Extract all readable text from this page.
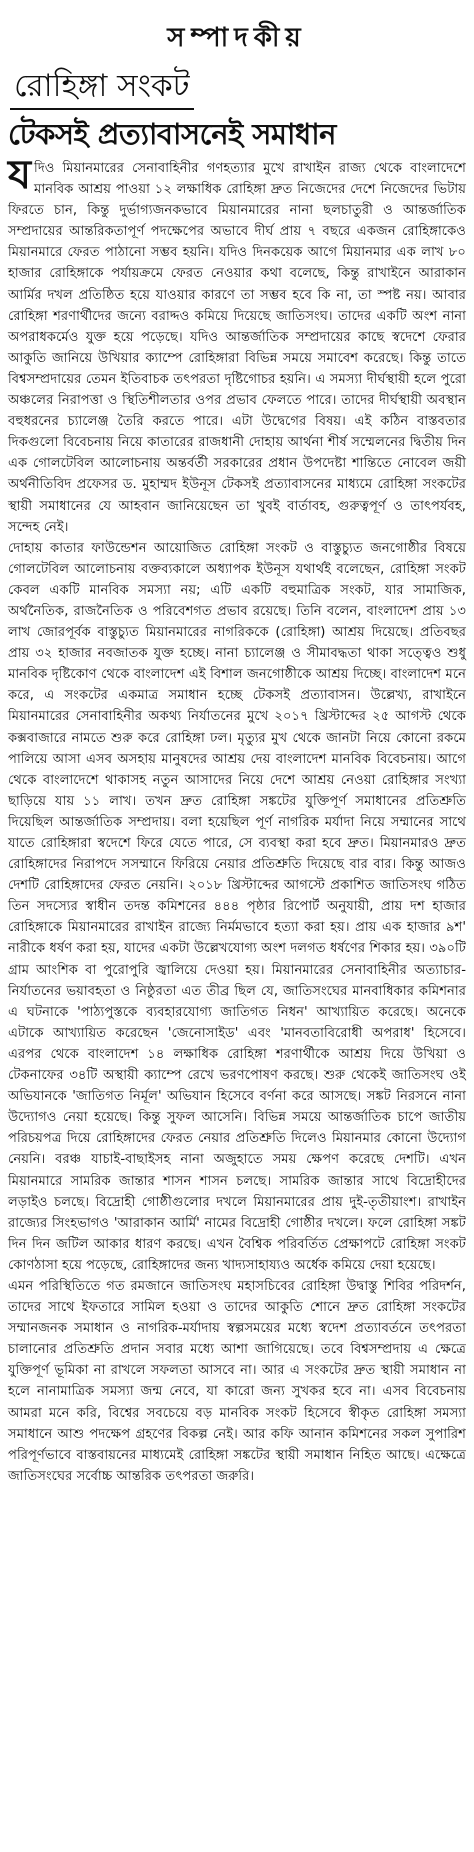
সম্পাদকীয়
রোহিঙ্গা সংকট
টেকসই প্রত্যাবাসনেই সমাধান

যদিও মিয়ানমারের সেনাবাহিনীর গণহত্যার মুখে রাখাইন রাজ্য থেকে বাংলাদেশে মানবিক আশ্রয় পাওয়া ১২ লক্ষাধিক রোহিঙ্গা দ্রুত নিজেদের দেশে নিজেদের ভিটায় ফিরতে চান, কিন্তু দুর্ভাগ্যজনকভাবে মিয়ানমারের নানা ছলচাতুরী ও আন্তর্জাতিক সম্প্রদায়ের আন্তরিকতাপূর্ণ পদক্ষেপের অভাবে দীর্ঘ প্রায় ৭ বছরে একজন রোহিঙ্গাকেও মিয়ানমারে ফেরত পাঠানো সম্ভব হয়নি। যদিও দিনকয়েক আগে মিয়ানমার এক লাখ ৮০ হাজার রোহিঙ্গাকে পর্যায়ক্রমে ফেরত নেওয়ার কথা বলেছে, কিন্তু রাখাইনে আরাকান আর্মির দখল প্রতিষ্ঠিত হয়ে যাওয়ার কারণে তা সম্ভব হবে কি না, তা স্পষ্ট নয়। আবার রোহিঙ্গা শরণার্থীদের জন্যে বরাদ্দও কমিয়ে দিয়েছে জাতিসংঘ। তাদের একটি অংশ নানা অপরাধকর্মেও যুক্ত হয়ে পড়েছে। যদিও আন্তর্জাতিক সম্প্রদায়ের কাছে স্বদেশে ফেরার আকুতি জানিয়ে উখিয়ার ক্যাম্পে রোহিঙ্গারা বিভিন্ন সময়ে সমাবেশ করেছে। কিন্তু তাতে বিশ্বসম্প্রদায়ের তেমন ইতিবাচক তৎপরতা দৃষ্টিগোচর হয়নি। এ সমস্যা দীর্ঘস্থায়ী হলে পুরো অঞ্চলের নিরাপত্তা ও স্থিতিশীলতার ওপর প্রভাব ফেলতে পারে। তাদের দীর্ঘস্থায়ী অবস্থান বহুধরনের চ্যালেঞ্জ তৈরি করতে পারে। এটা উদ্বেগের বিষয়। এই কঠিন বাস্তবতার দিকগুলো বিবেচনায় নিয়ে কাতারের রাজধানী দোহায় আর্থনা শীর্ষ সম্মেলনের দ্বিতীয় দিন এক গোলটেবিল আলোচনায় অন্তর্বর্তী সরকারের প্রধান উপদেষ্টা শান্তিতে নোবেল জয়ী অর্থনীতিবিদ প্রফেসর ড. মুহাম্মদ ইউনূস টেকসই প্রত্যাবাসনের মাধ্যমে রোহিঙ্গা সংকটের স্থায়ী সমাধানের যে আহবান জানিয়েছেন তা খুবই বার্তাবহ, গুরুত্বপূর্ণ ও তাৎপর্যবহ, সন্দেহ নেই।

দোহায় কাতার ফাউন্ডেশন আয়োজিত রোহিঙ্গা সংকট ও বাস্তুচ্যুত জনগোষ্ঠীর বিষয়ে গোলটেবিল আলোচনায় বক্তব্যকালে অধ্যাপক ইউনূস যথার্থই বলেছেন, রোহিঙ্গা সংকট কেবল একটি মানবিক সমস্যা নয়; এটি একটি বহুমাত্রিক সংকট, যার সামাজিক, অর্থনৈতিক, রাজনৈতিক ও পরিবেশগত প্রভাব রয়েছে। তিনি বলেন, বাংলাদেশ প্রায় ১৩ লাখ জোরপূর্বক বাস্তুচ্যুত মিয়ানমারের নাগরিককে (রোহিঙ্গা) আশ্রয় দিয়েছে। প্রতিবছর প্রায় ৩২ হাজার নবজাতক যুক্ত হচ্ছে। নানা চ্যালেঞ্জ ও সীমাবদ্ধতা থাকা সত্ত্বেও শুধু মানবিক দৃষ্টিকোণ থেকে বাংলাদেশ এই বিশাল জনগোষ্ঠীকে আশ্রয় দিচ্ছে। বাংলাদেশ মনে করে, এ সংকটের একমাত্র সমাধান হচ্ছে টেকসই প্রত্যাবাসন। উল্লেখ্য, রাখাইনে মিয়ানমারের সেনাবাহিনীর অকথ্য নির্যাতনের মুখে ২০১৭ খ্রিস্টাব্দের ২৫ আগস্ট থেকে কক্সবাজারে নামতে শুরু করে রোহিঙ্গা ঢল। মৃত্যুর মুখ থেকে জানটা নিয়ে কোনো রকমে পালিয়ে আসা এসব অসহায় মানুষদের আশ্রয় দেয় বাংলাদেশ মানবিক বিবেচনায়। আগে থেকে বাংলাদেশে থাকাসহ নতুন আসাদের নিয়ে দেশে আশ্রয় নেওয়া রোহিঙ্গার সংখ্যা ছাড়িয়ে যায় ১১ লাখ। তখন দ্রুত রোহিঙ্গা সঙ্কটের যুক্তিপূর্ণ সমাধানের প্রতিশ্রুতি দিয়েছিল আন্তর্জাতিক সম্প্রদায়। বলা হয়েছিল পূর্ণ নাগরিক মর্যাদা নিয়ে সম্মানের সাথে যাতে রোহিঙ্গারা স্বদেশে ফিরে যেতে পারে, সে ব্যবস্থা করা হবে দ্রুত। মিয়ানমারও দ্রুত রোহিঙ্গাদের নিরাপদে সসম্মানে ফিরিয়ে নেয়ার প্রতিশ্রুতি দিয়েছে বার বার। কিন্তু আজও দেশটি রোহিঙ্গাদের ফেরত নেয়নি। ২০১৮ খ্রিস্টাব্দের আগস্টে প্রকাশিত জাতিসংঘ গঠিত তিন সদস্যের স্বাধীন তদন্ত কমিশনের ৪৪৪ পৃষ্ঠার রিপোর্ট অনুযায়ী, প্রায় দশ হাজার রোহিঙ্গাকে মিয়ানমারের রাখাইন রাজ্যে নির্মমভাবে হত্যা করা হয়। প্রায় এক হাজার ৯শ' নারীকে ধর্ষণ করা হয়, যাদের একটা উল্লেখযোগ্য অংশ দলগত ধর্ষণের শিকার হয়। ৩৯০টি গ্রাম আংশিক বা পুরোপুরি জ্বালিয়ে দেওয়া হয়। মিয়ানমারের সেনাবাহিনীর অত্যাচার-নির্যাতনের ভয়াবহতা ও নিষ্ঠুরতা এত তীব্র ছিল যে, জাতিসংঘের মানবাধিকার কমিশনার এ ঘটনাকে 'পাঠ্যপুস্তকে ব্যবহারযোগ্য জাতিগত নিধন' আখ্যায়িত করেছে। অনেকে এটাকে আখ্যায়িত করেছেন 'জেনোসাইড' এবং 'মানবতাবিরোধী অপরাধ' হিসেবে। এরপর থেকে বাংলাদেশ ১৪ লক্ষাধিক রোহিঙ্গা শরণার্থীকে আশ্রয় দিয়ে উখিয়া ও টেকনাফের ৩৪টি অস্থায়ী ক্যাম্পে রেখে ভরণপোষণ করছে। শুরু থেকেই জাতিসংঘ ওই অভিযানকে 'জাতিগত নির্মূল' অভিযান হিসেবে বর্ণনা করে আসছে। সঙ্কট নিরসনে নানা উদ্যোগও নেয়া হয়েছে। কিন্তু সুফল আসেনি। বিভিন্ন সময়ে আন্তর্জাতিক চাপে জাতীয় পরিচয়পত্র দিয়ে রোহিঙ্গাদের ফেরত নেয়ার প্রতিশ্রুতি দিলেও মিয়ানমার কোনো উদ্যোগ নেয়নি। বরঞ্চ যাচাই-বাছাইসহ নানা অজুহাতে সময় ক্ষেপণ করেছে দেশটি। এখন মিয়ানমারে সামরিক জান্তার শাসন শাসন চলছে। সামরিক জান্তার সাথে বিদ্রোহীদের লড়াইও চলছে। বিদ্রোহী গোষ্ঠীগুলোর দখলে মিয়ানমারের প্রায় দুই-তৃতীয়াংশ। রাখাইন রাজ্যের সিংহভাগও 'আরাকান আর্মি' নামের বিদ্রোহী গোষ্ঠীর দখলে। ফলে রোহিঙ্গা সঙ্কট দিন দিন জটিল আকার ধারণ করছে। এখন বৈশ্বিক পরিবর্তিত প্রেক্ষাপটে রোহিঙ্গা সংকট কোণঠাসা হয়ে পড়েছে, রোহিঙ্গাদের জন্য খাদ্যসাহায্যও অর্ধেক কমিয়ে দেয়া হয়েছে।

এমন পরিস্থিতিতে গত রমজানে জাতিসংঘ মহাসচিবের রোহিঙ্গা উদ্বাস্তু শিবির পরিদর্শন, তাদের সাথে ইফতারে সামিল হওয়া ও তাদের আকুতি শোনে দ্রুত রোহিঙ্গা সংকটের সম্মানজনক সমাধান ও নাগরিক-মর্যাদায় স্বল্পসময়ের মধ্যে স্বদেশ প্রত্যাবর্তনে তৎপরতা চালানোর প্রতিশ্রুতি প্রদান সবার মধ্যে আশা জাগিয়েছে। তবে বিশ্বসম্প্রদায় এ ক্ষেত্রে যুক্তিপূর্ণ ভূমিকা না রাখলে সফলতা আসবে না। আর এ সংকটের দ্রুত স্থায়ী সমাধান না হলে নানামাত্রিক সমস্যা জন্ম নেবে, যা কারো জন্য সুখকর হবে না। এসব বিবেচনায় আমরা মনে করি, বিশ্বের সবচেয়ে বড় মানবিক সংকট হিসেবে স্বীকৃত রোহিঙ্গা সমস্যা সমাধানে আশু পদক্ষেপ গ্রহণের বিকল্প নেই। আর কফি আনান কমিশনের সকল সুপারিশ পরিপূর্ণভাবে বাস্তবায়নের মাধ্যমেই রোহিঙ্গা সঙ্কটের স্থায়ী সমাধান নিহিত আছে। এক্ষেত্রে জাতিসংঘের সর্বোচ্চ আন্তরিক তৎপরতা জরুরি।
